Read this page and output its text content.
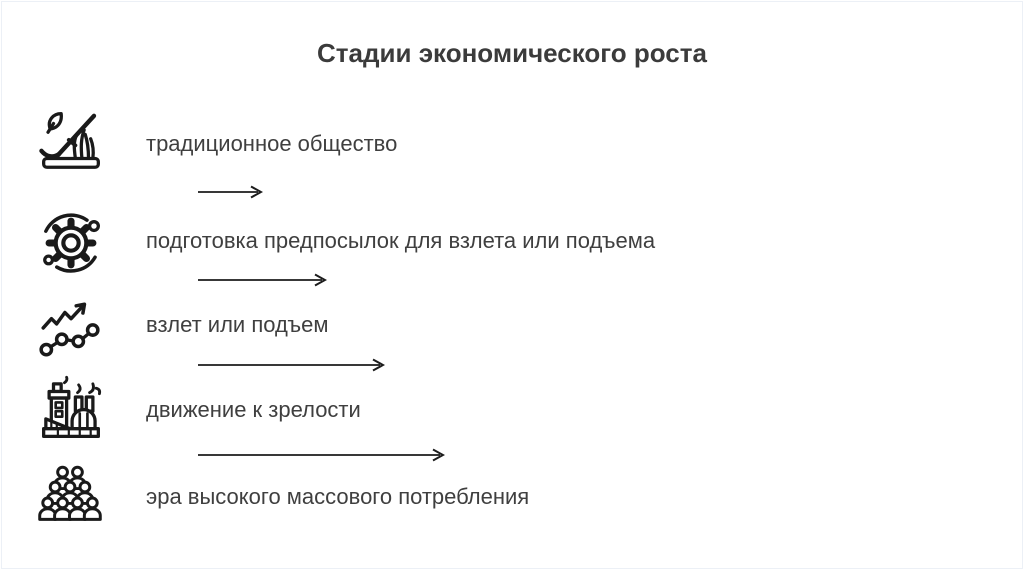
Стадии экономического роста
традиционное общество
подготовка предпосылок для взлета или подъема
взлет или подъем
движение к зрелости
эра высокого массового потребления
